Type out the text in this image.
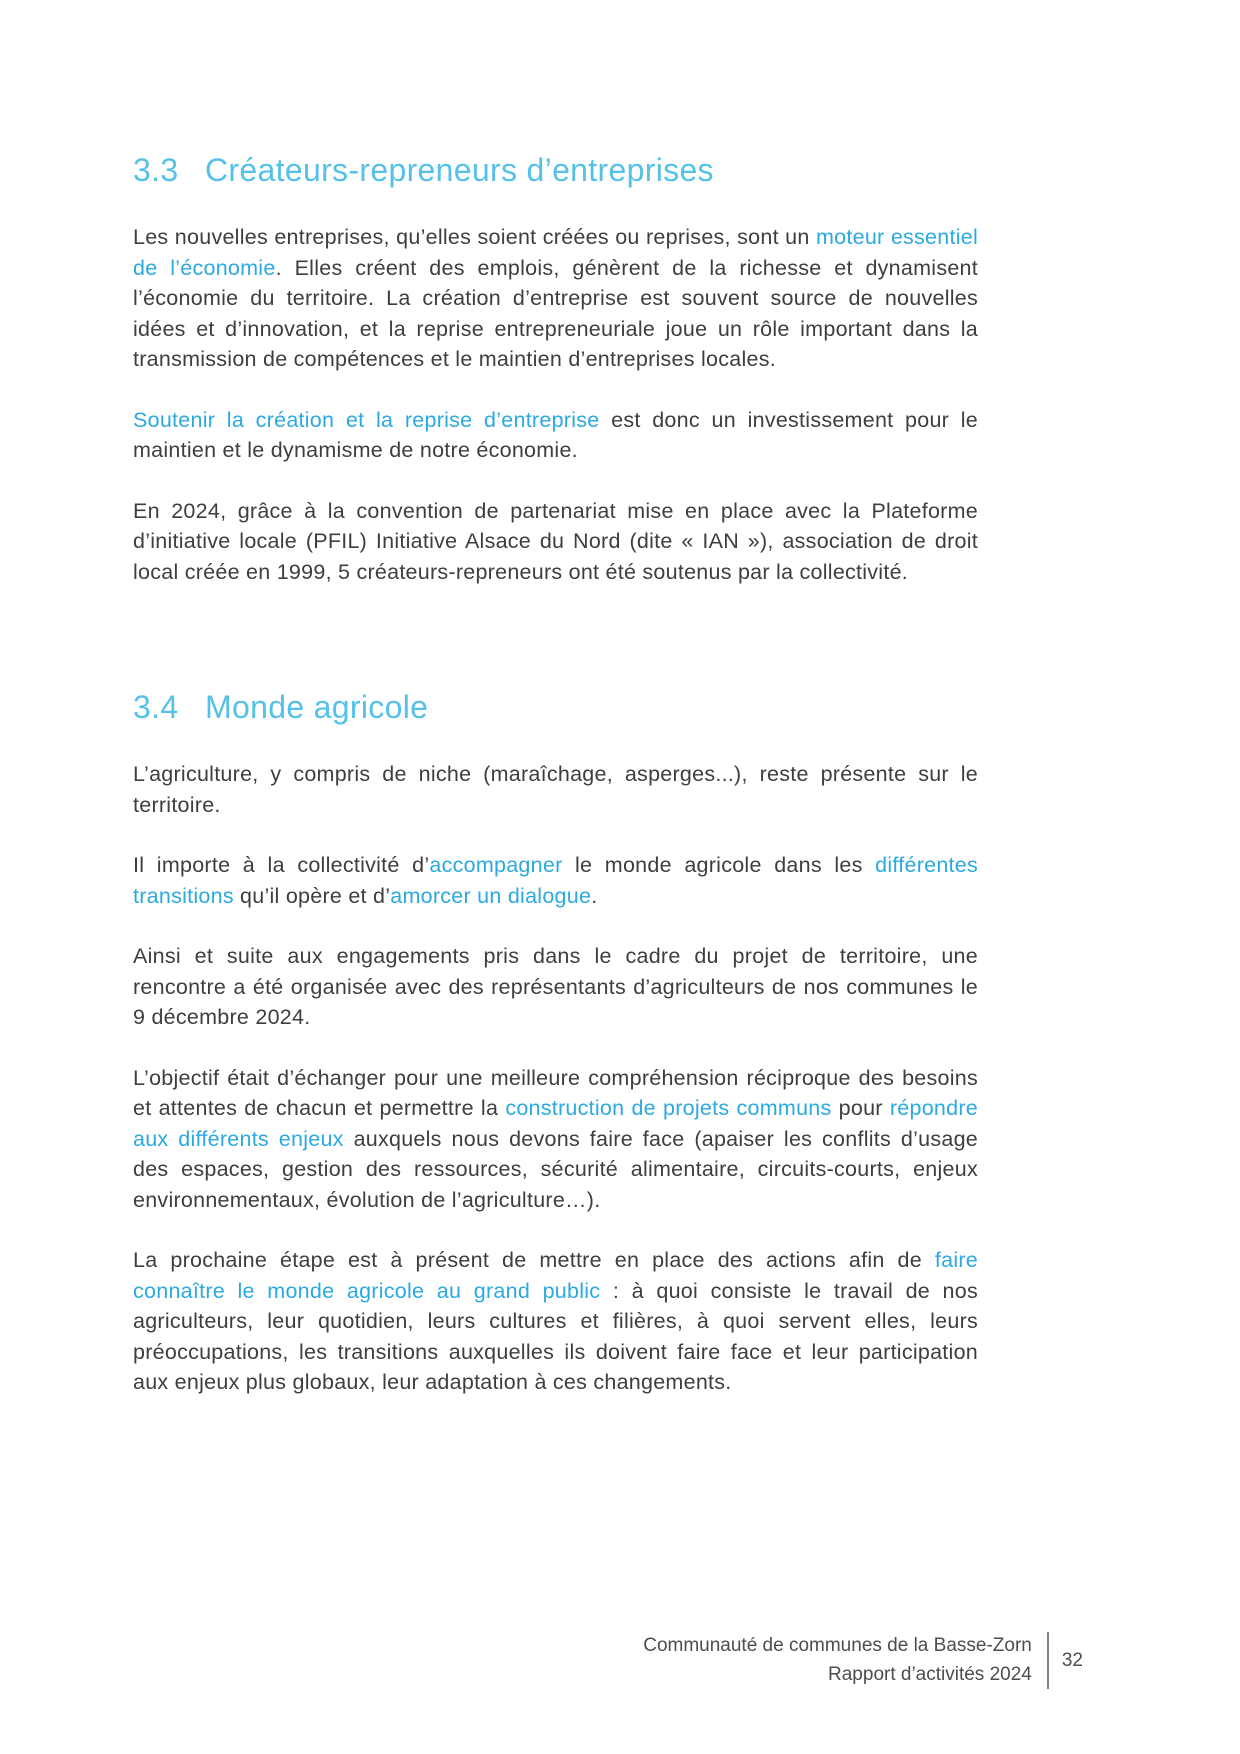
3.3 Créateurs-repreneurs d’entreprises

Les nouvelles entreprises, qu’elles soient créées ou reprises, sont un moteur essentiel de l’économie. Elles créent des emplois, génèrent de la richesse et dynamisent l’économie du territoire. La création d’entreprise est souvent source de nouvelles idées et d’innovation, et la reprise entrepreneuriale joue un rôle important dans la transmission de compétences et le maintien d’entreprises locales.

Soutenir la création et la reprise d’entreprise est donc un investissement pour le maintien et le dynamisme de notre économie.

En 2024, grâce à la convention de partenariat mise en place avec la Plateforme d’initiative locale (PFIL) Initiative Alsace du Nord (dite « IAN »), association de droit local créée en 1999, 5 créateurs-repreneurs ont été soutenus par la collectivité.

3.4 Monde agricole

L’agriculture, y compris de niche (maraîchage, asperges...), reste présente sur le territoire.

Il importe à la collectivité d’accompagner le monde agricole dans les différentes transitions qu’il opère et d’amorcer un dialogue.

Ainsi et suite aux engagements pris dans le cadre du projet de territoire, une rencontre a été organisée avec des représentants d’agriculteurs de nos communes le 9 décembre 2024.

L’objectif était d’échanger pour une meilleure compréhension réciproque des besoins et attentes de chacun et permettre la construction de projets communs pour répondre aux différents enjeux auxquels nous devons faire face (apaiser les conflits d’usage des espaces, gestion des ressources, sécurité alimentaire, circuits-courts, enjeux environnementaux, évolution de l’agriculture…).

La prochaine étape est à présent de mettre en place des actions afin de faire connaître le monde agricole au grand public : à quoi consiste le travail de nos agriculteurs, leur quotidien, leurs cultures et filières, à quoi servent elles, leurs préoccupations, les transitions auxquelles ils doivent faire face et leur participation aux enjeux plus globaux, leur adaptation à ces changements.

Communauté de communes de la Basse-Zorn
Rapport d’activités 2024
32
